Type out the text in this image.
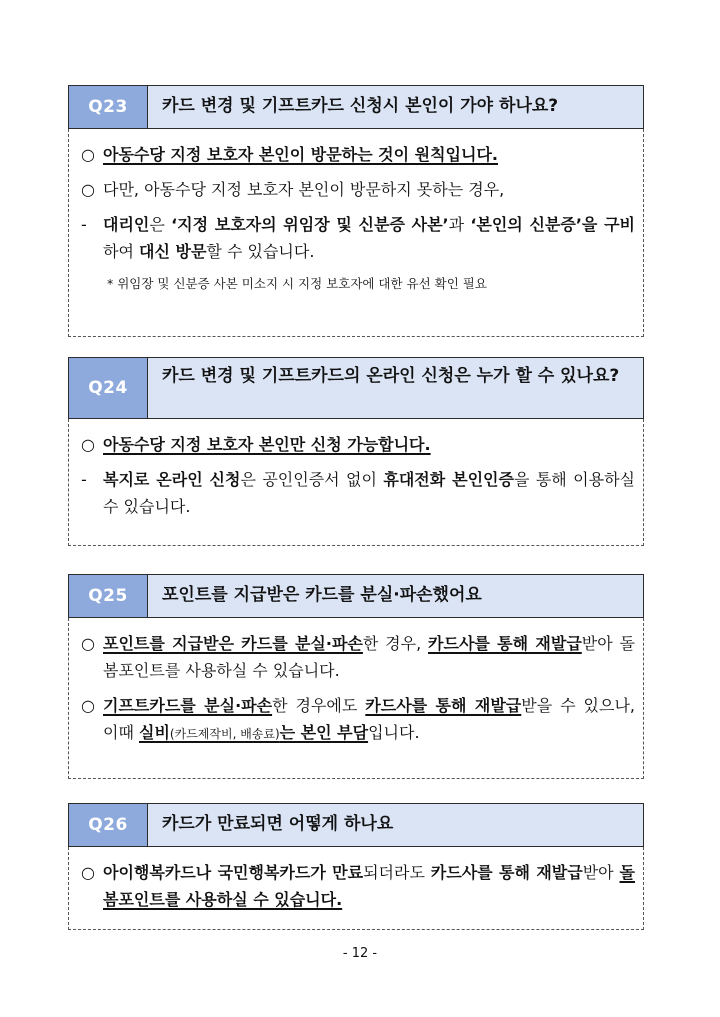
Q23	카드 변경 및 기프트카드 신청시 본인이 가야 하나요?
○ 아동수당 지정 보호자 본인이 방문하는 것이 원칙입니다.
○ 다만, 아동수당 지정 보호자 본인이 방문하지 못하는 경우,
-	대리인은 ‘지정 보호자의 위임장 및 신분증 사본’과 ‘본인의 신분증’을 구비하여 대신 방문할 수 있습니다.
* 위임장 및 신분증 사본 미소지 시 지정 보호자에 대한 유선 확인 필요
Q24
카드 변경 및 기프트카드의 온라인 신청은 누가 할 수 있나요?
○ 아동수당 지정 보호자 본인만 신청 가능합니다.
-	복지로 온라인 신청은 공인인증서 없이 휴대전화 본인인증을 통해 이용하실 수 있습니다.
Q25	포인트를 지급받은 카드를 분실·파손했어요
○ 포인트를 지급받은 카드를 분실·파손한 경우, 카드사를 통해 재발급받아 돌봄포인트를 사용하실 수 있습니다.
○ 기프트카드를 분실·파손한 경우에도 카드사를 통해 재발급받을 수 있으나, 이때 실비(카드제작비, 배송료)는 본인 부담입니다.
Q26	카드가 만료되면 어떻게 하나요
○ 아이행복카드나 국민행복카드가 만료되더라도 카드사를 통해 재발급받아 돌봄포인트를 사용하실 수 있습니다.
- 12 -
